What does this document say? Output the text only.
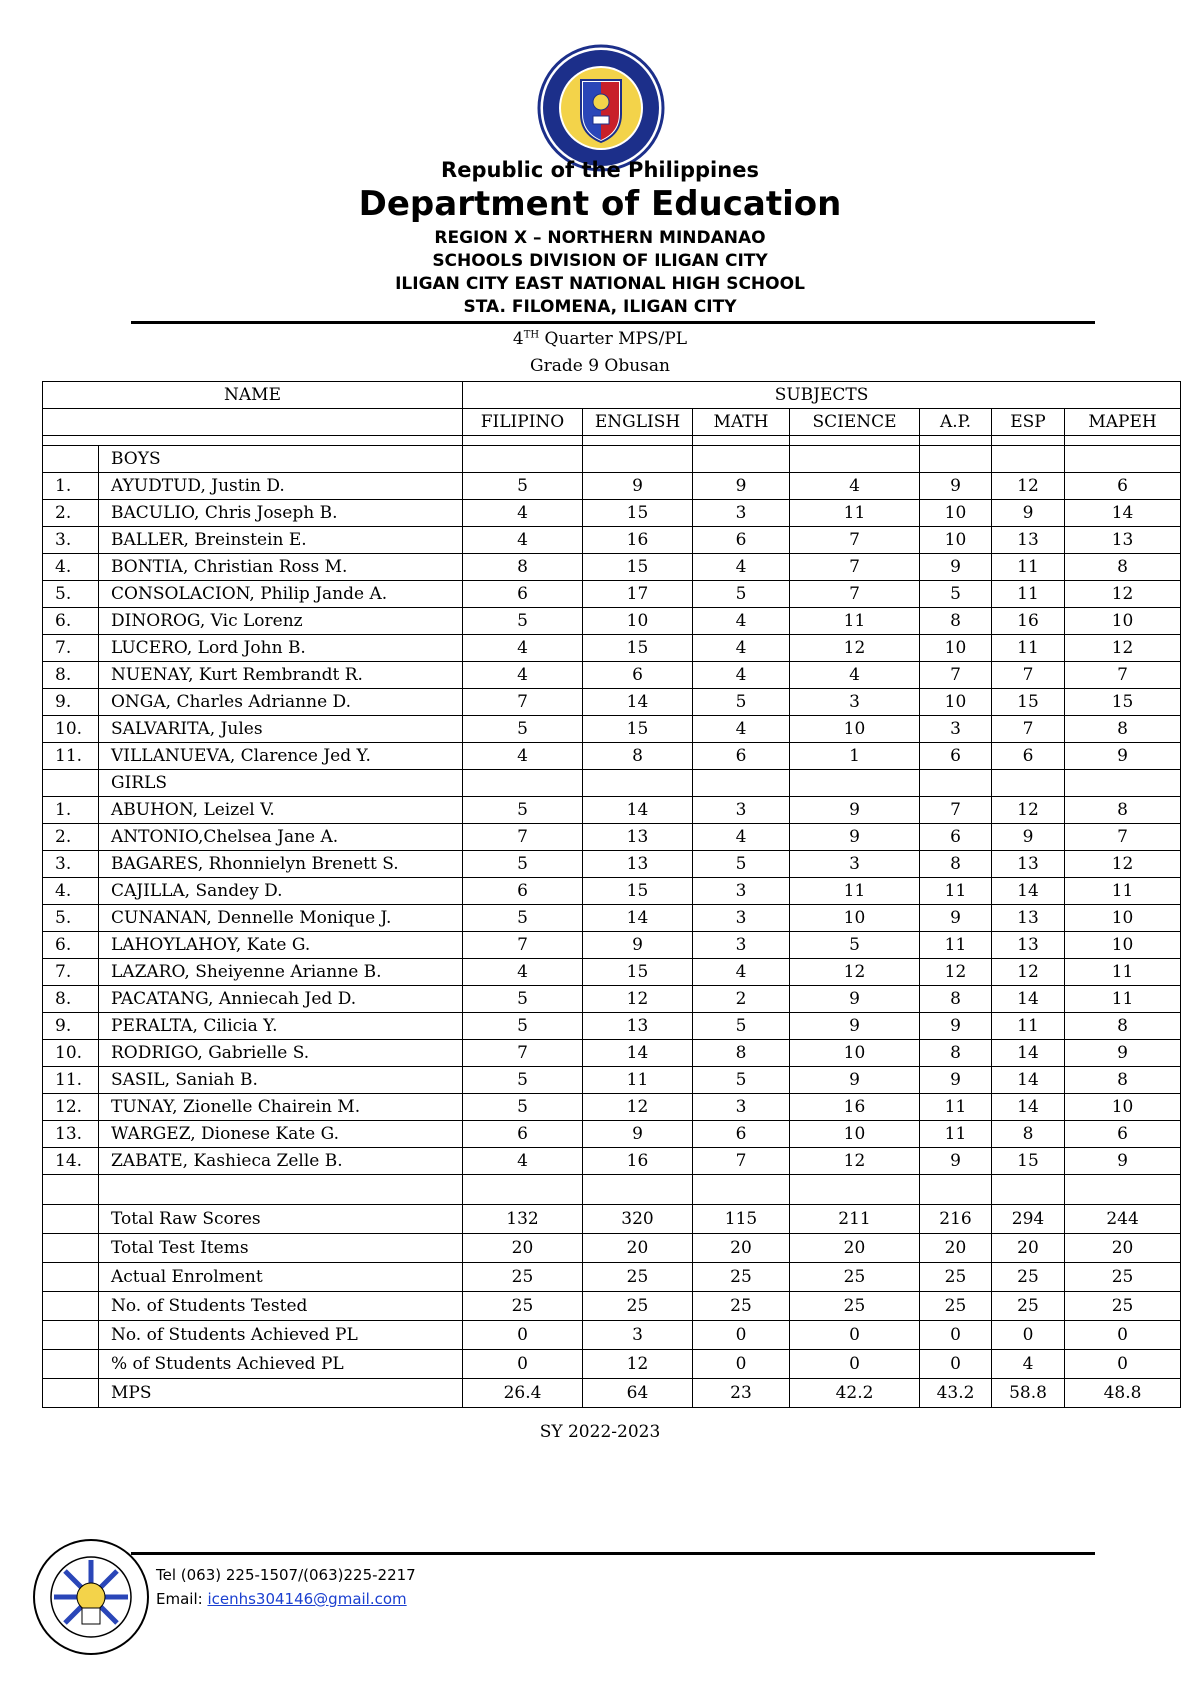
Republic of the Philippines
Department of Education
REGION X – NORTHERN MINDANAO
SCHOOLS DIVISION OF ILIGAN CITY
ILIGAN CITY EAST NATIONAL HIGH SCHOOL
STA. FILOMENA, ILIGAN CITY
4TH Quarter MPS/PL
Grade 9 Obusan
NAME		SUBJECTS						
		FILIPINO	ENGLISH	MATH	SCIENCE	A.P.	ESP	MAPEH

	BOYS							
1.	AYUDTUD, Justin D.	5	9	9	4	9	12	6
2.	BACULIO, Chris Joseph B.	4	15	3	11	10	9	14
3.	BALLER, Breinstein E.	4	16	6	7	10	13	13
4.	BONTIA, Christian Ross M.	8	15	4	7	9	11	8
5.	CONSOLACION, Philip Jande A.	6	17	5	7	5	11	12
6.	DINOROG, Vic Lorenz	5	10	4	11	8	16	10
7.	LUCERO, Lord John B.	4	15	4	12	10	11	12
8.	NUENAY, Kurt Rembrandt R.	4	6	4	4	7	7	7
9.	ONGA, Charles Adrianne D.	7	14	5	3	10	15	15
10.	SALVARITA, Jules	5	15	4	10	3	7	8
11.	VILLANUEVA, Clarence Jed Y.	4	8	6	1	6	6	9
	GIRLS							
1.	ABUHON, Leizel V.	5	14	3	9	7	12	8
2.	ANTONIO,Chelsea Jane A.	7	13	4	9	6	9	7
3.	BAGARES, Rhonnielyn Brenett S.	5	13	5	3	8	13	12
4.	CAJILLA, Sandey D.	6	15	3	11	11	14	11
5.	CUNANAN, Dennelle Monique J.	5	14	3	10	9	13	10
6.	LAHOYLAHOY, Kate G.	7	9	3	5	11	13	10
7.	LAZARO, Sheiyenne Arianne B.	4	15	4	12	12	12	11
8.	PACATANG, Anniecah Jed D.	5	12	2	9	8	14	11
9.	PERALTA, Cilicia Y.	5	13	5	9	9	11	8
10.	RODRIGO, Gabrielle S.	7	14	8	10	8	14	9
11.	SASIL, Saniah B.	5	11	5	9	9	14	8
12.	TUNAY, Zionelle Chairein M.	5	12	3	16	11	14	10
13.	WARGEZ, Dionese Kate G.	6	9	6	10	11	8	6
14.	ZABATE, Kashieca Zelle B.	4	16	7	12	9	15	9

	Total Raw Scores	132	320	115	211	216	294	244
	Total Test Items	20	20	20	20	20	20	20
	Actual Enrolment	25	25	25	25	25	25	25
	No. of Students Tested	25	25	25	25	25	25	25
	No. of Students Achieved PL	0	3	0	0	0	0	0
	% of Students Achieved PL	0	12	0	0	0	4	0
	MPS	26.4	64	23	42.2	43.2	58.8	48.8
SY 2022-2023
Tel (063) 225-1507/(063)225-2217
Email: icenhs304146@gmail.com
